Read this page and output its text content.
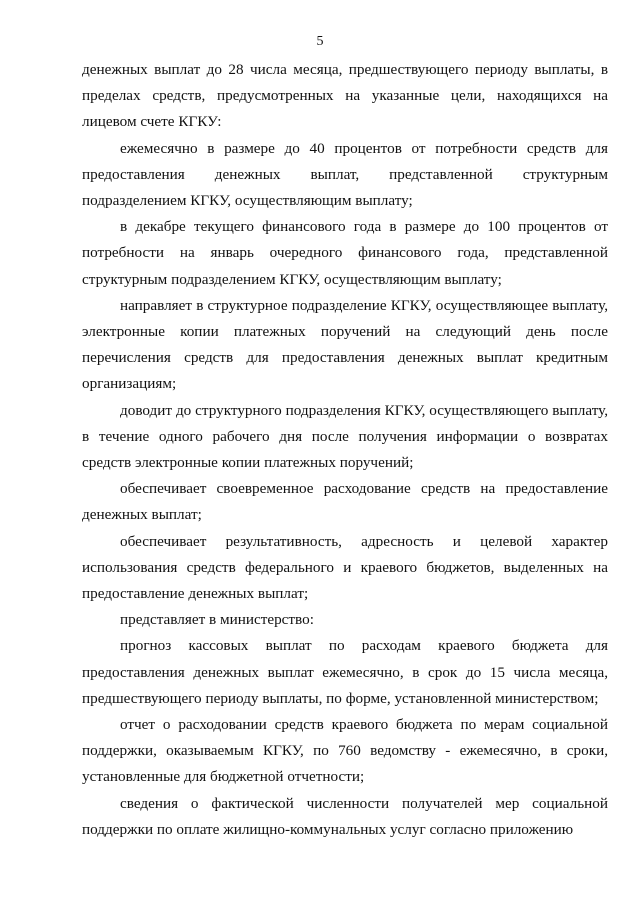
5

денежных выплат до 28 числа месяца, предшествующего периоду выплаты, в пределах средств, предусмотренных на указанные цели, находящихся на лицевом счете КГКУ:

ежемесячно в размере до 40 процентов от потребности средств для предоставления денежных выплат, представленной структурным подразделением КГКУ, осуществляющим выплату;

в декабре текущего финансового года в размере до 100 процентов от потребности на январь очередного финансового года, представленной структурным подразделением КГКУ, осуществляющим выплату;

направляет в структурное подразделение КГКУ, осуществляющее выплату, электронные копии платежных поручений на следующий день после перечисления средств для предоставления денежных выплат кредитным организациям;

доводит до структурного подразделения КГКУ, осуществляющего выплату, в течение одного рабочего дня после получения информации о возвратах средств электронные копии платежных поручений;

обеспечивает своевременное расходование средств на предоставление денежных выплат;

обеспечивает результативность, адресность и целевой характер использования средств федерального и краевого бюджетов, выделенных на предоставление денежных выплат;

представляет в министерство:

прогноз кассовых выплат по расходам краевого бюджета для предоставления денежных выплат ежемесячно, в срок до 15 числа месяца, предшествующего периоду выплаты, по форме, установленной министерством;

отчет о расходовании средств краевого бюджета по мерам социальной поддержки, оказываемым КГКУ, по 760 ведомству - ежемесячно, в сроки, установленные для бюджетной отчетности;

сведения о фактической численности получателей мер социальной поддержки по оплате жилищно-коммунальных услуг согласно приложению
